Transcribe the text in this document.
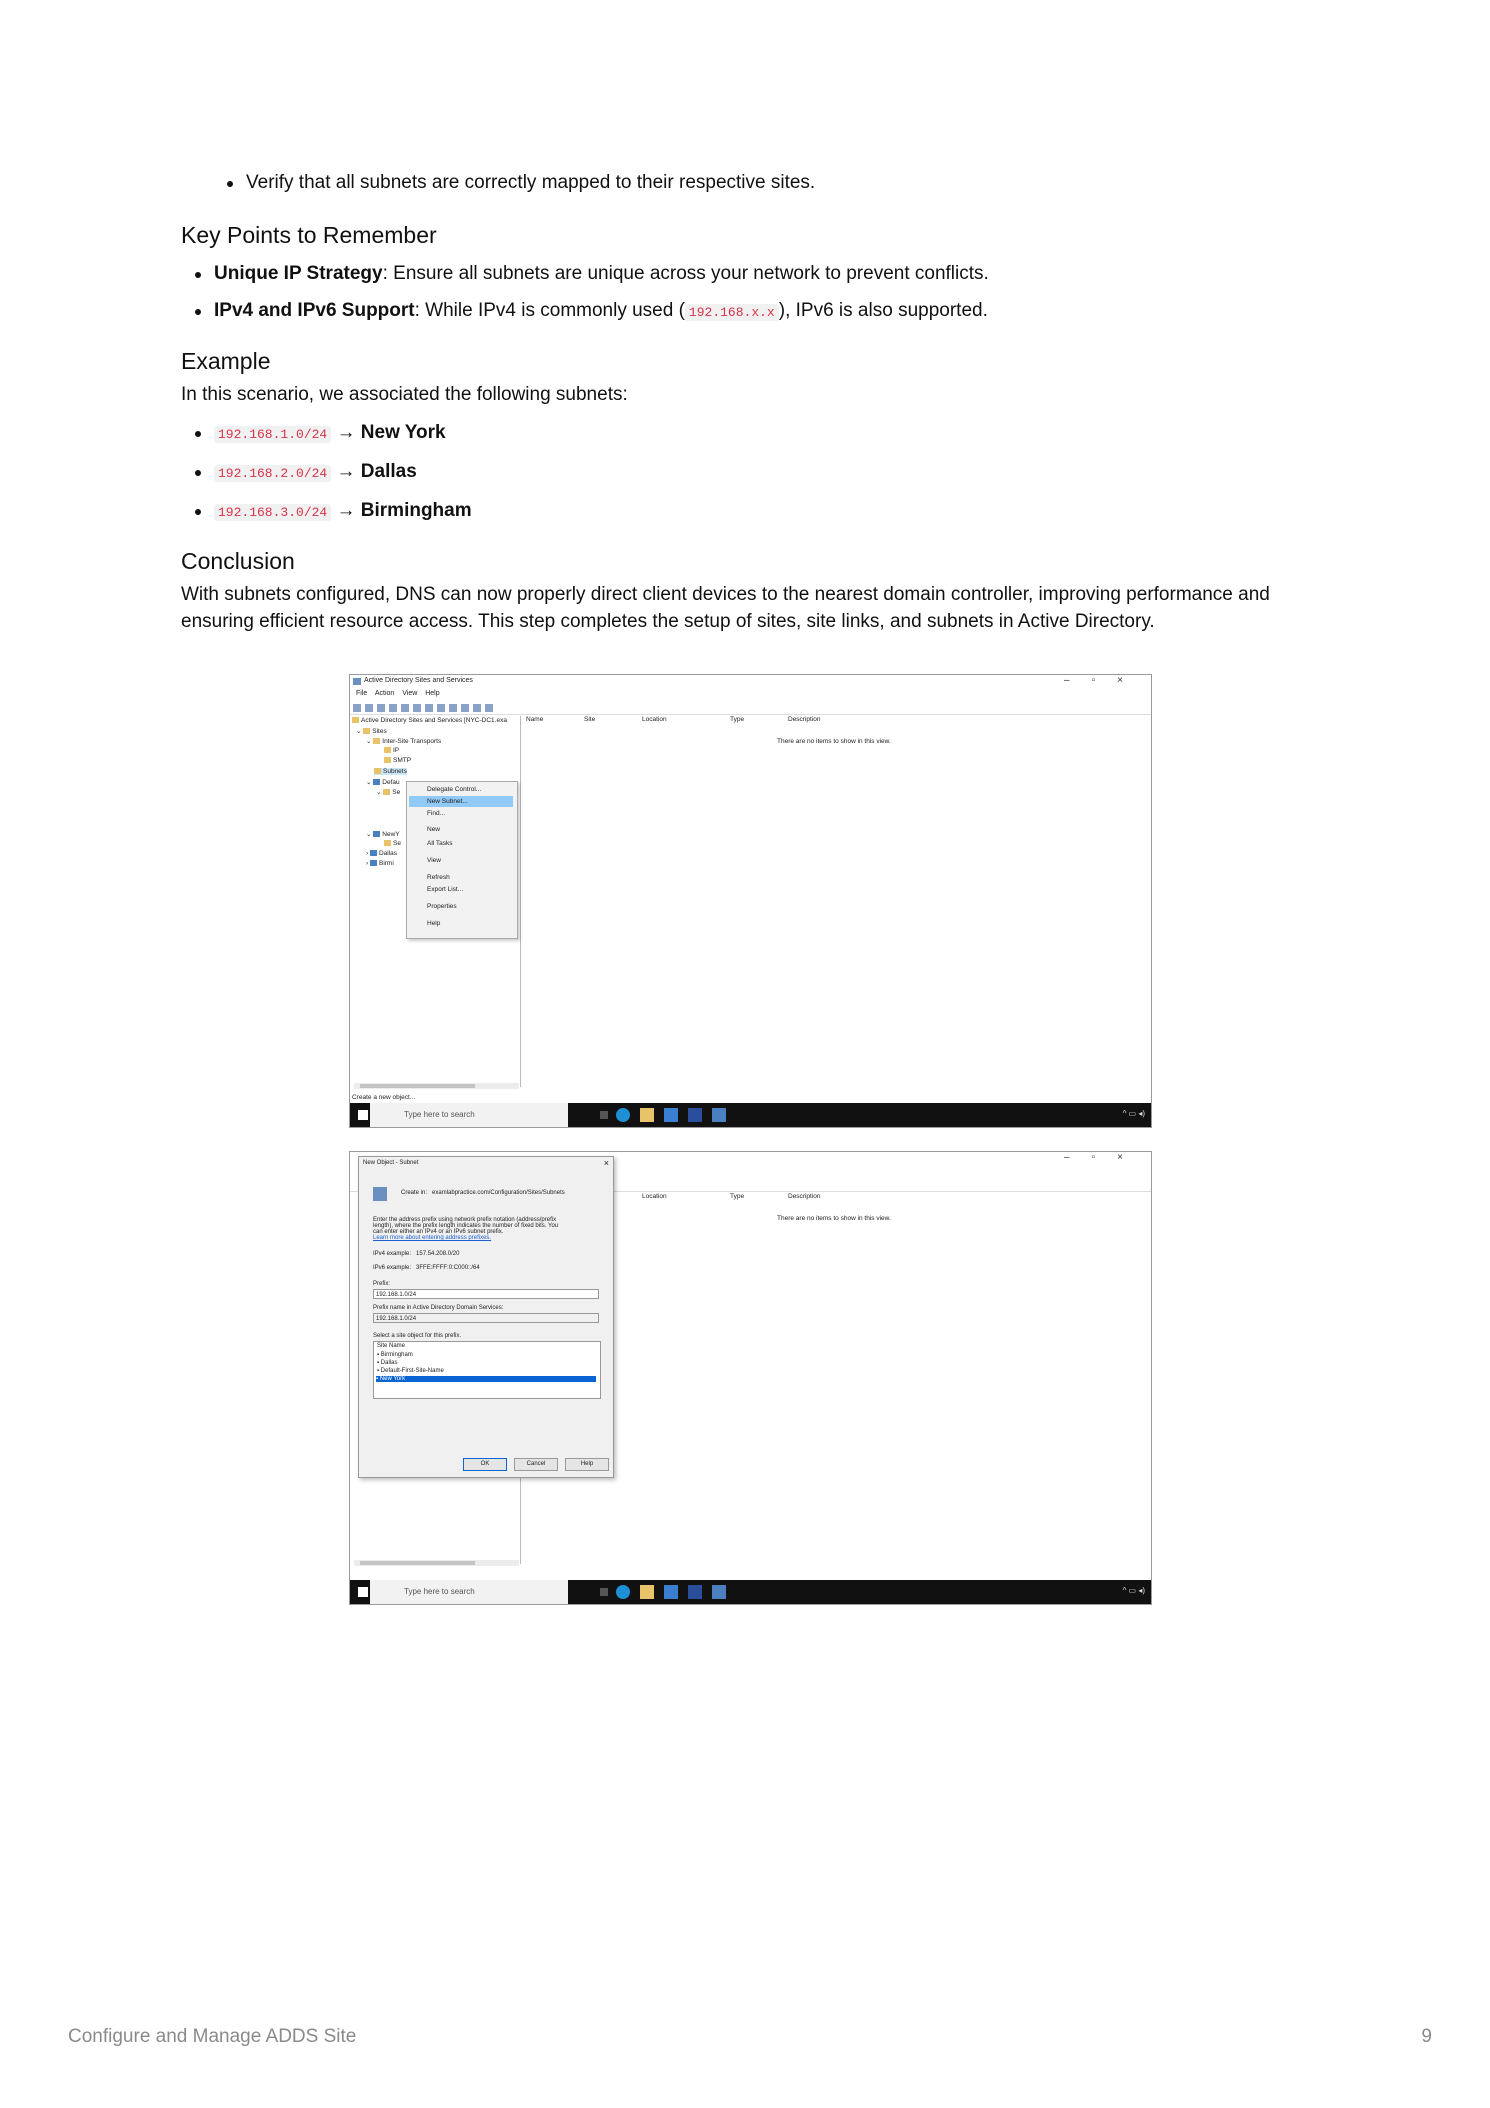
Verify that all subnets are correctly mapped to their respective sites.
Key Points to Remember
Unique IP Strategy: Ensure all subnets are unique across your network to prevent conflicts.
IPv4 and IPv6 Support: While IPv4 is commonly used ( 192.168.x.x ), IPv6 is also supported.
Example

In this scenario, we associated the following subnets:

192.168.1.0/24 → New York
192.168.2.0/24 → Dallas
192.168.3.0/24 → Birmingham
Conclusion

With subnets configured, DNS can now properly direct client devices to the nearest domain controller, improving performance and ensuring efficient resource access. This step completes the setup of sites, site links, and subnets in Active Directory.

Active Directory Sites and Services	–▫×
File Action View Help
Active Directory Sites and Services [NYC-DC1.exa
⌄ Sites
⌄ Inter-Site Transports
IP
SMTP
Subnets
⌄ Defau
⌄ Se
⌄ NewY
Se
› Dallas
› Birmi
Name	Site	Location	Type	Description
There are no items to show in this view.
Delegate Control...
New Subnet...
Find...
New
All Tasks
View
Refresh
Export List...
Properties
Help
Create a new object...
Type here to search	^ ▭ ◂)
–▫×
Location	Type	Description
There are no items to show in this view.
New Object - Subnet	×
Create in: examlabpractice.com/Configuration/Sites/Subnets
Enter the address prefix using network prefix notation (address/prefix
length), where the prefix length indicates the number of fixed bits. You
can enter either an IPv4 or an IPv6 subnet prefix.
Learn more about entering address prefixes.
IPv4 example: 157.54.208.0/20
IPv6 example: 3FFE:FFFF:0:C000::/64
Prefix:
192.168.1.0/24
Prefix name in Active Directory Domain Services:
192.168.1.0/24
Select a site object for this prefix.
Site Name
▪ Birmingham
▪ Dallas
▪ Default-First-Site-Name
▪ New York
OK	Cancel	Help
Type here to search	^ ▭ ◂)
Configure and Manage ADDS Site	9
